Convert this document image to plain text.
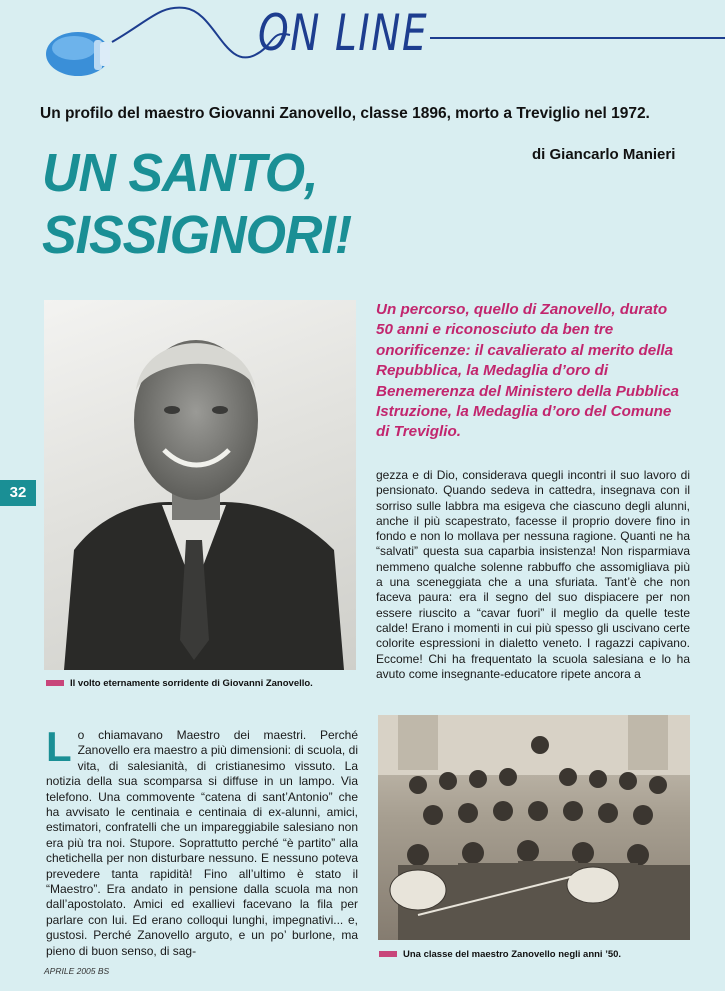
ON LINE
Un profilo del maestro Giovanni Zanovello, classe 1896, morto a Treviglio nel 1972.
UN SANTO,
SISSIGNORI!
di Giancarlo Manieri
Il volto eternamente sorridente di Giovanni Zanovello.
32
Un percorso, quello di Zanovello, durato 50 anni e riconosciuto da ben tre onorificenze: il cavalierato al merito della Repubblica, la Medaglia d’oro di Benemerenza del Ministero della Pubblica Istruzione, la Medaglia d’oro del Comune di Treviglio.

gezza e di Dio, considerava quegli incontri il suo lavoro di pensionato. Quando sedeva in cattedra, insegnava con il sorriso sulle labbra ma esigeva che ciascuno degli alunni, anche il più scapestrato, facesse il proprio dovere fino in fondo e non lo mollava per nessuna ragione. Quanti ne ha “salvati” questa sua caparbia insistenza! Non risparmiava nemmeno qualche solenne rabbuffo che assomigliava più a una sceneggiata che a una sfuriata. Tant’è che non faceva paura: era il segno del suo dispiacere per non essere riuscito a “cavar fuori” il meglio da quelle teste calde! Erano i momenti in cui più spesso gli uscivano certe colorite espressioni in dialetto veneto. I ragazzi capivano. Eccome! Chi ha frequentato la scuola salesiana e lo ha avuto come insegnante-educatore ripete ancora a

L o chiamavano Maestro dei maestri. Perché Zanovello era maestro a più dimensioni: di scuola, di vita, di salesianità, di cristianesimo vissuto. La notizia della sua scomparsa si diffuse in un lampo. Via telefono. Una commovente “catena di sant’Antonio” che ha avvisato le centinaia e centinaia di ex-alunni, amici, estimatori, confratelli che un impareggiabile salesiano non era più tra noi. Stupore. Soprattutto perché “è partito” alla chetichella per non disturbare nessuno. E nessuno poteva prevedere tanta rapidità! Fino all’ultimo è stato il “Maestro”. Era andato in pensione dalla scuola ma non dall’apostolato. Amici ed exallievi facevano la fila per parlare con lui. Ed erano colloqui lunghi, impegnativi... e, gustosi. Perché Zanovello arguto, e un po’ burlone, ma pieno di buon senso, di sag-	Una classe del maestro Zanovello negli anni ’50.
APRILE 2005 BS
